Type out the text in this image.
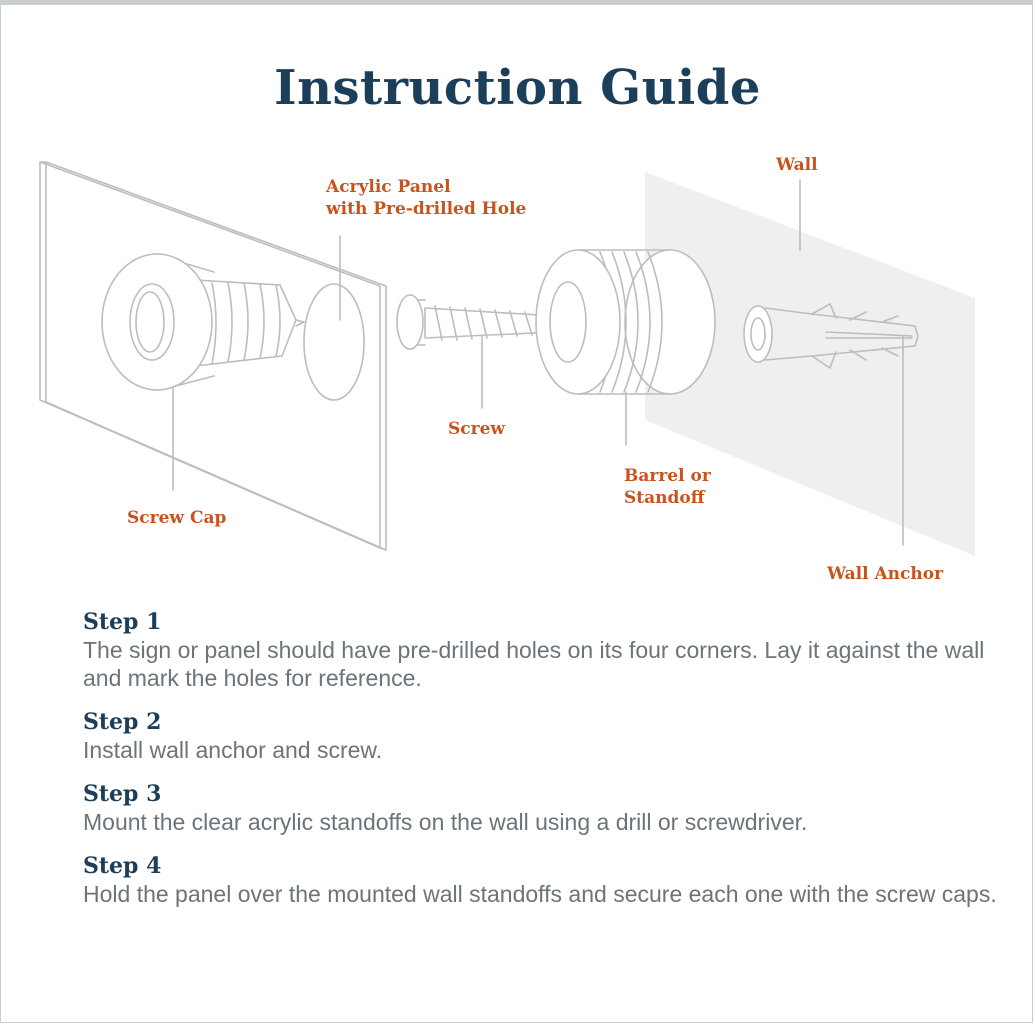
Instruction Guide
Acrylic Panel
with Pre-drilled Hole
Wall
Screw
Barrel or
Standoff
Screw Cap
Wall Anchor
Step 1
The sign or panel should have pre-drilled holes on its four corners. Lay it against the wall and mark the holes for reference.
Step 2
Install wall anchor and screw.
Step 3
Mount the clear acrylic standoffs on the wall using a drill or screwdriver.
Step 4
Hold the panel over the mounted wall standoffs and secure each one with the screw caps.
